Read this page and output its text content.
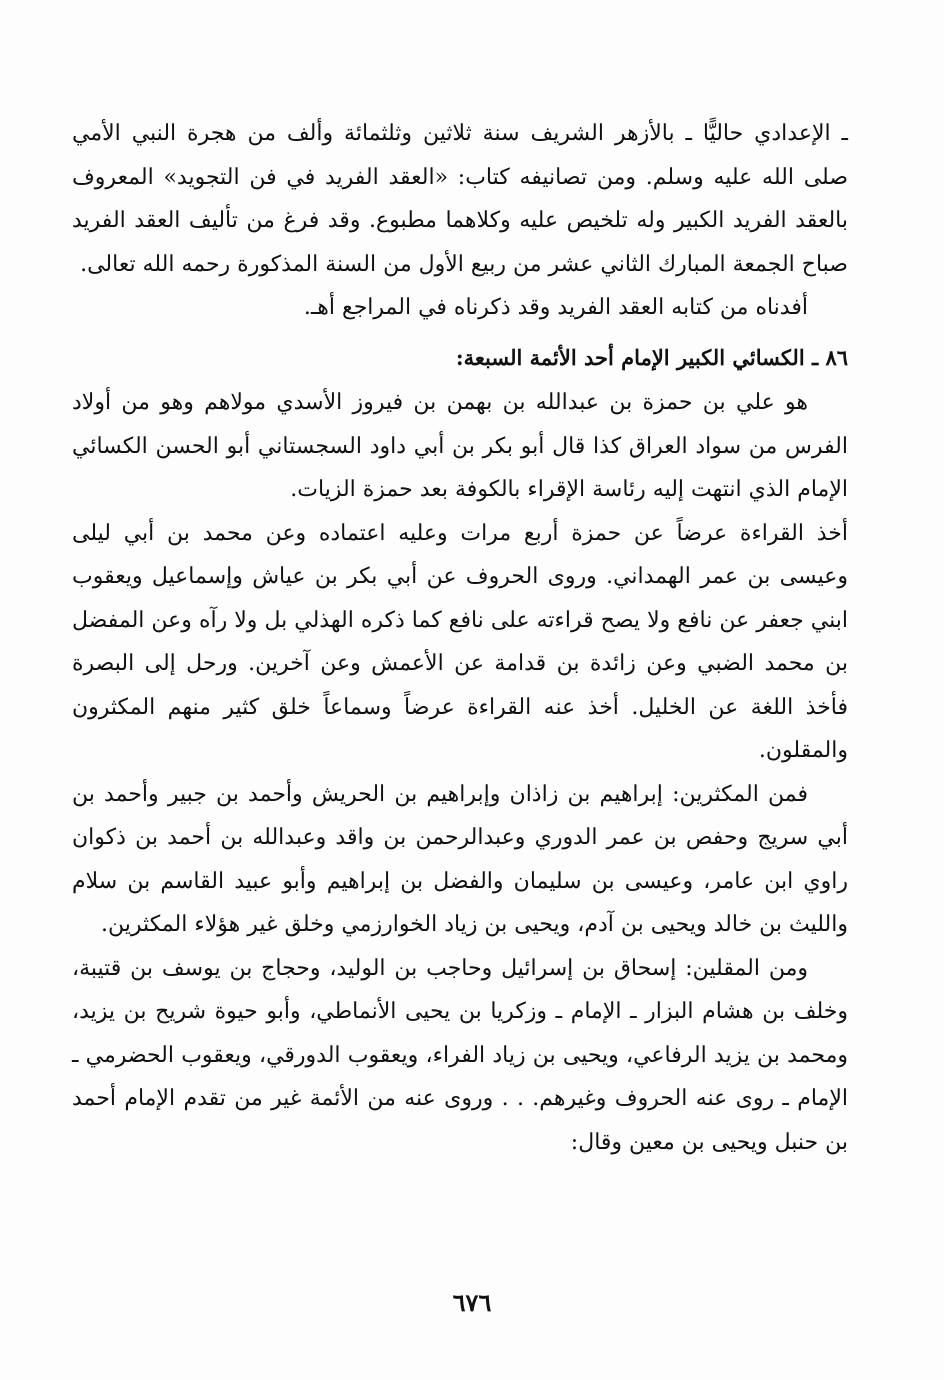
ـ الإعدادي حاليًّا ـ بالأزهر الشريف سنة ثلاثين وثلثمائة وألف من هجرة النبي الأمي صلى الله عليه وسلم. ومن تصانيفه كتاب: «العقد الفريد في فن التجويد» المعروف بالعقد الفريد الكبير وله تلخيص عليه وكلاهما مطبوع. وقد فرغ من تأليف العقد الفريد صباح الجمعة المبارك الثاني عشر من ربيع الأول من السنة المذكورة رحمه الله تعالى.

أفدناه من كتابه العقد الفريد وقد ذكرناه في المراجع أهـ.

٨٦ ـ الكسائي الكبير الإمام أحد الأئمة السبعة:

هو علي بن حمزة بن عبدالله بن بهمن بن فيروز الأسدي مولاهم وهو من أولاد الفرس من سواد العراق كذا قال أبو بكر بن أبي داود السجستاني أبو الحسن الكسائي الإمام الذي انتهت إليه رئاسة الإقراء بالكوفة بعد حمزة الزيات.

أخذ القراءة عرضاً عن حمزة أربع مرات وعليه اعتماده وعن محمد بن أبي ليلى وعيسى بن عمر الهمداني. وروى الحروف عن أبي بكر بن عياش وإسماعيل ويعقوب ابني جعفر عن نافع ولا يصح قراءته على نافع كما ذكره الهذلي بل ولا رآه وعن المفضل بن محمد الضبي وعن زائدة بن قدامة عن الأعمش وعن آخرين. ورحل إلى البصرة فأخذ اللغة عن الخليل. أخذ عنه القراءة عرضاً وسماعاً خلق كثير منهم المكثرون والمقلون.

فمن المكثرين: إبراهيم بن زاذان وإبراهيم بن الحريش وأحمد بن جبير وأحمد بن أبي سريج وحفص بن عمر الدوري وعبدالرحمن بن واقد وعبدالله بن أحمد بن ذكوان راوي ابن عامر، وعيسى بن سليمان والفضل بن إبراهيم وأبو عبيد القاسم بن سلام والليث بن خالد ويحيى بن آدم، ويحيى بن زياد الخوارزمي وخلق غير هؤلاء المكثرين.

ومن المقلين: إسحاق بن إسرائيل وحاجب بن الوليد، وحجاج بن يوسف بن قتيبة، وخلف بن هشام البزار ـ الإمام ـ وزكريا بن يحيى الأنماطي، وأبو حيوة شريح بن يزيد، ومحمد بن يزيد الرفاعي، ويحيى بن زياد الفراء، ويعقوب الدورقي، ويعقوب الحضرمي ـ الإمام ـ روى عنه الحروف وغيرهم. . . وروى عنه من الأئمة غير من تقدم الإمام أحمد بن حنبل ويحيى بن معين وقال:

٦٧٦
